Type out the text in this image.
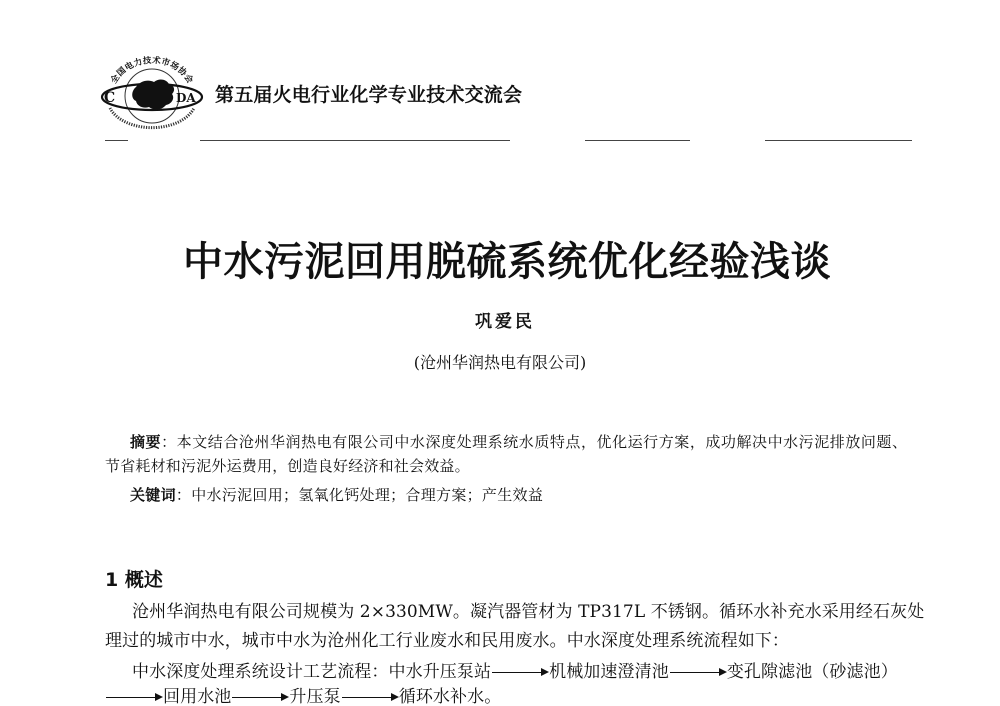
全国电力技术市场协会
C	DA 第五届火电行业化学专业技术交流会
中水污泥回用脱硫系统优化经验浅谈
巩爱民
(沧州华润热电有限公司)
摘要：本文结合沧州华润热电有限公司中水深度处理系统水质特点，优化运行方案，成功解决中水污泥排放问题、
节省耗材和污泥外运费用，创造良好经济和社会效益。
关键词：中水污泥回用；氢氧化钙处理；合理方案；产生效益
1 概述
沧州华润热电有限公司规模为 2×330MW。凝汽器管材为 TP317L 不锈钢。循环水补充水采用经石灰处
理过的城市中水，城市中水为沧州化工行业废水和民用废水。中水深度处理系统流程如下：
中水深度处理系统设计工艺流程：中水升压泵站	机械加速澄清池	变孔隙滤池（砂滤池）
回用水池	升压泵	循环水补水。
